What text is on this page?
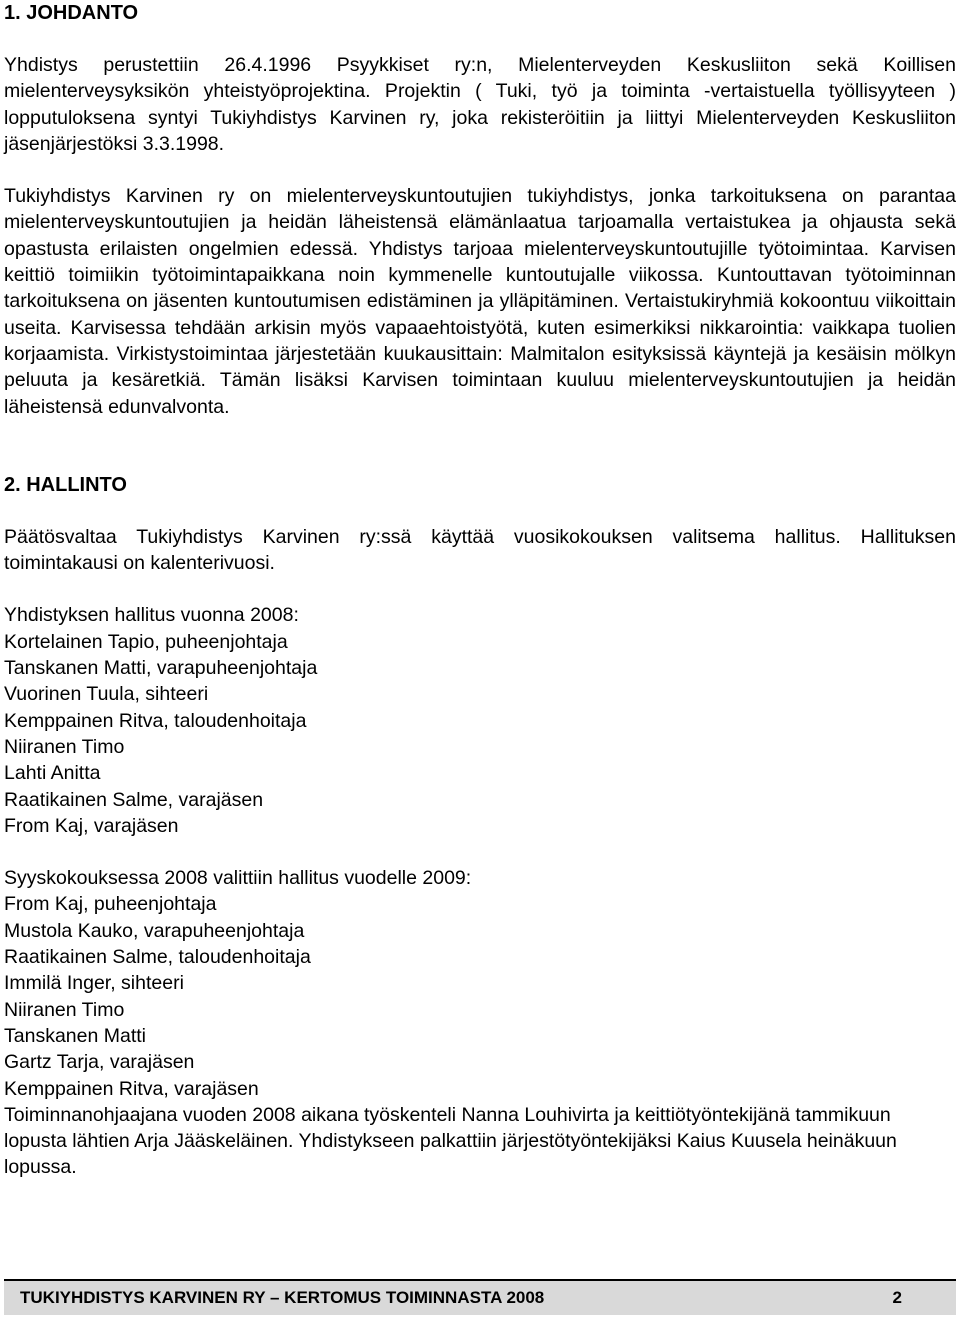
1. JOHDANTO

Yhdistys perustettiin 26.4.1996 Psyykkiset ry:n, Mielenterveyden Keskusliiton sekä Koillisen mielenterveysyksikön yhteistyöprojektina. Projektin ( Tuki, työ ja toiminta -vertaistuella työllisyyteen ) lopputuloksena syntyi Tukiyhdistys Karvinen ry, joka rekisteröitiin ja liittyi Mielenterveyden Keskusliiton jäsenjärjestöksi 3.3.1998.

Tukiyhdistys Karvinen ry on mielenterveyskuntoutujien tukiyhdistys, jonka tarkoituksena on parantaa mielenterveyskuntoutujien ja heidän läheistensä elämänlaatua tarjoamalla vertaistukea ja ohjausta sekä opastusta erilaisten ongelmien edessä. Yhdistys tarjoaa mielenterveyskuntoutujille työtoimintaa. Karvisen keittiö toimiikin työtoimintapaikkana noin kymmenelle kuntoutujalle viikossa. Kuntouttavan työtoiminnan tarkoituksena on jäsenten kuntoutumisen edistäminen ja ylläpitäminen. Vertaistukiryhmiä kokoontuu viikoittain useita. Karvisessa tehdään arkisin myös vapaaehtoistyötä, kuten esimerkiksi nikkarointia: vaikkapa tuolien korjaamista. Virkistystoimintaa järjestetään kuukausittain: Malmitalon esityksissä käyntejä ja kesäisin mölkyn peluuta ja kesäretkiä. Tämän lisäksi Karvisen toimintaan kuuluu mielenterveyskuntoutujien ja heidän läheistensä edunvalvonta.

2. HALLINTO

Päätösvaltaa Tukiyhdistys Karvinen ry:ssä käyttää vuosikokouksen valitsema hallitus. Hallituksen toimintakausi on kalenterivuosi.

Yhdistyksen hallitus vuonna 2008:
Kortelainen Tapio, puheenjohtaja
Tanskanen Matti, varapuheenjohtaja
Vuorinen Tuula, sihteeri
Kemppainen Ritva, taloudenhoitaja
Niiranen Timo
Lahti Anitta
Raatikainen Salme, varajäsen
From Kaj, varajäsen
Syyskokouksessa 2008 valittiin hallitus vuodelle 2009:
From Kaj, puheenjohtaja
Mustola Kauko, varapuheenjohtaja
Raatikainen Salme, taloudenhoitaja
Immilä Inger, sihteeri
Niiranen Timo
Tanskanen Matti
Gartz Tarja, varajäsen
Kemppainen Ritva, varajäsen

Toiminnanohjaajana vuoden 2008 aikana työskenteli Nanna Louhivirta ja keittiötyöntekijänä tammikuun lopusta lähtien Arja Jääskeläinen. Yhdistykseen palkattiin järjestötyöntekijäksi Kaius Kuusela heinäkuun lopussa.

TUKIYHDISTYS KARVINEN RY – KERTOMUS TOIMINNASTA 2008	2
